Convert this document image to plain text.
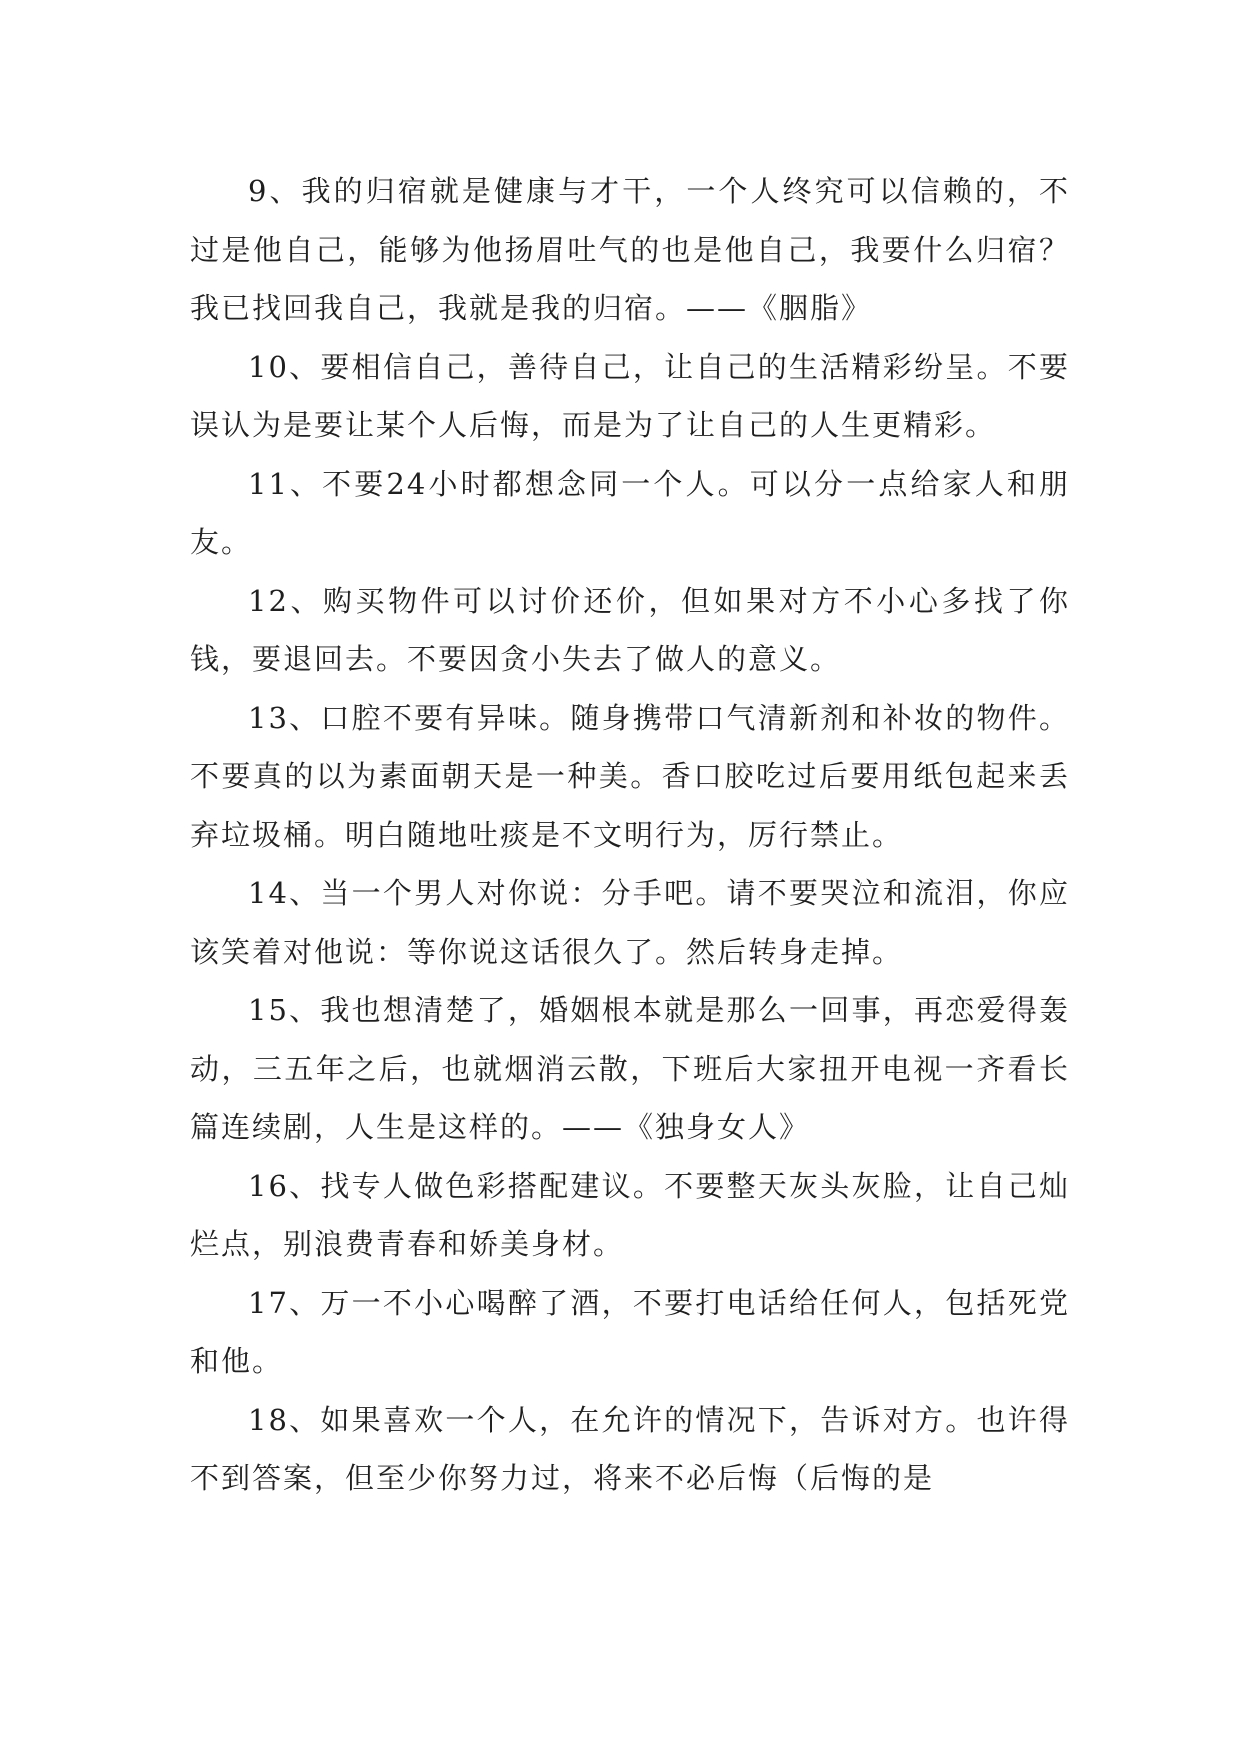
9、我的归宿就是健康与才干，一个人终究可以信赖的，不过是他自己，能够为他扬眉吐气的也是他自己，我要什么归宿？我已找回我自己，我就是我的归宿。——《胭脂》

10、要相信自己，善待自己，让自己的生活精彩纷呈。不要误认为是要让某个人后悔，而是为了让自己的人生更精彩。

11、不要24小时都想念同一个人。可以分一点给家人和朋友。

12、购买物件可以讨价还价，但如果对方不小心多找了你钱，要退回去。不要因贪小失去了做人的意义。

13、口腔不要有异味。随身携带口气清新剂和补妆的物件。不要真的以为素面朝天是一种美。香口胶吃过后要用纸包起来丢弃垃圾桶。明白随地吐痰是不文明行为，厉行禁止。

14、当一个男人对你说：分手吧。请不要哭泣和流泪，你应该笑着对他说：等你说这话很久了。然后转身走掉。

15、我也想清楚了，婚姻根本就是那么一回事，再恋爱得轰动，三五年之后，也就烟消云散，下班后大家扭开电视一齐看长篇连续剧，人生是这样的。——《独身女人》

16、找专人做色彩搭配建议。不要整天灰头灰脸，让自己灿烂点，别浪费青春和娇美身材。

17、万一不小心喝醉了酒，不要打电话给任何人，包括死党和他。

18、如果喜欢一个人，在允许的情况下，告诉对方。也许得不到答案，但至少你努力过，将来不必后悔（后悔的是
